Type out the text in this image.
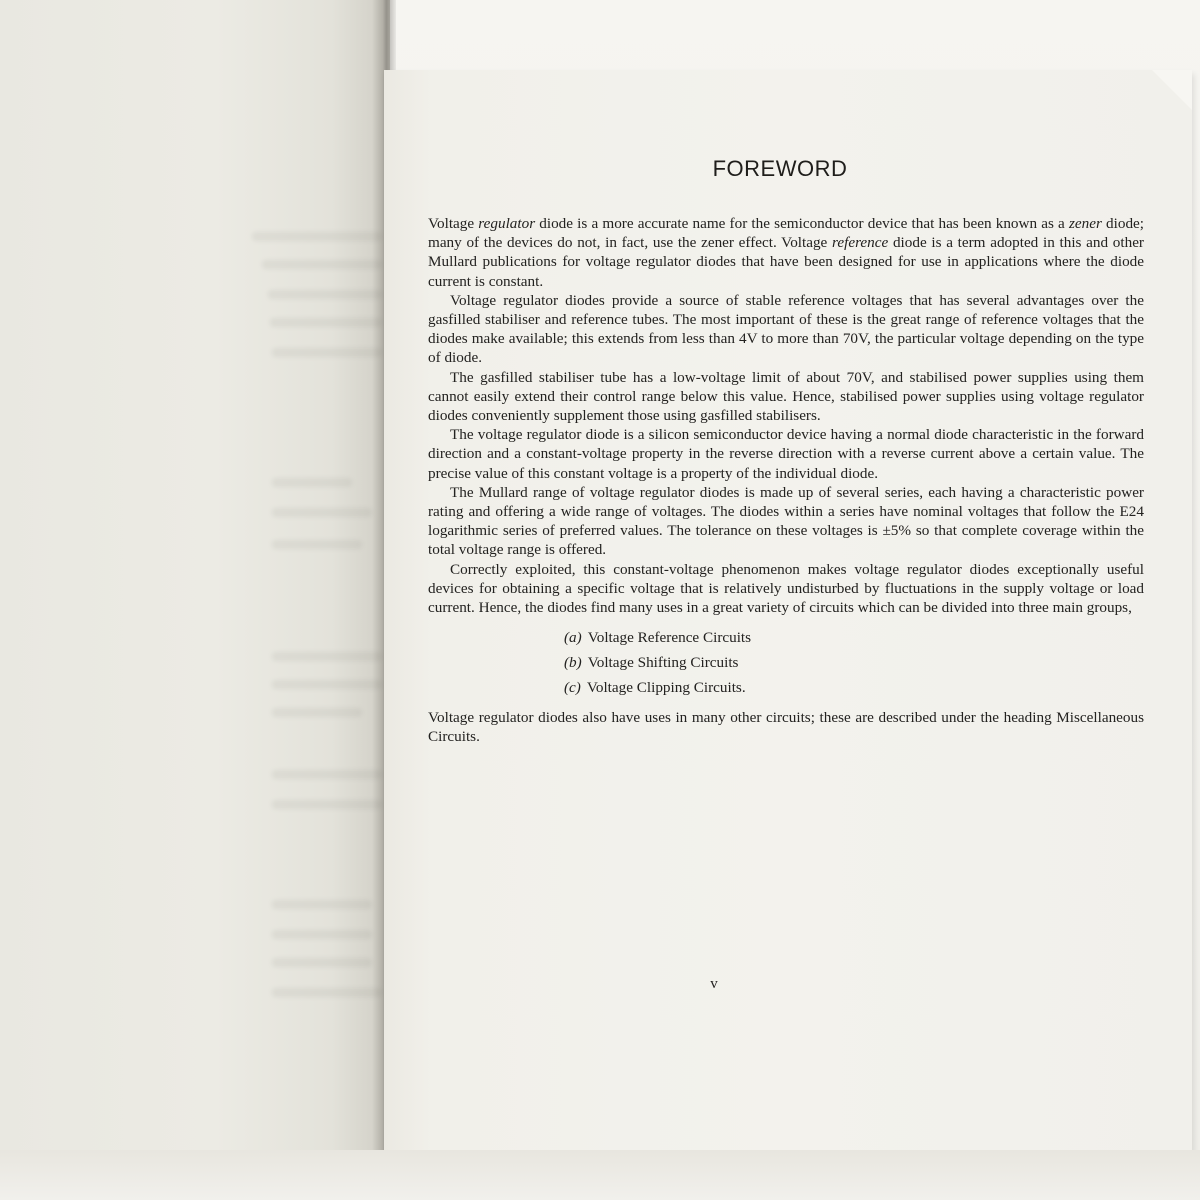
FOREWORD

Voltage regulator diode is a more accurate name for the semiconductor device that has been known as a zener diode; many of the devices do not, in fact, use the zener effect. Voltage reference diode is a term adopted in this and other Mullard publications for voltage regulator diodes that have been designed for use in applications where the diode current is constant.

Voltage regulator diodes provide a source of stable reference voltages that has several advantages over the gasfilled stabiliser and reference tubes. The most important of these is the great range of reference voltages that the diodes make available; this extends from less than 4V to more than 70V, the particular voltage depending on the type of diode.

The gasfilled stabiliser tube has a low-voltage limit of about 70V, and stabilised power supplies using them cannot easily extend their control range below this value. Hence, stabilised power supplies using voltage regulator diodes conveniently supplement those using gasfilled stabilisers.

The voltage regulator diode is a silicon semiconductor device having a normal diode characteristic in the forward direction and a constant-voltage property in the reverse direction with a reverse current above a certain value. The precise value of this constant voltage is a property of the individual diode.

The Mullard range of voltage regulator diodes is made up of several series, each having a characteristic power rating and offering a wide range of voltages. The diodes within a series have nominal voltages that follow the E24 logarithmic series of preferred values. The tolerance on these voltages is ±5% so that complete coverage within the total voltage range is offered.

Correctly exploited, this constant-voltage phenomenon makes voltage regulator diodes exceptionally useful devices for obtaining a specific voltage that is relatively undisturbed by fluctuations in the supply voltage or load current. Hence, the diodes find many uses in a great variety of circuits which can be divided into three main groups,

(a) Voltage Reference Circuits
(b) Voltage Shifting Circuits
(c) Voltage Clipping Circuits.

Voltage regulator diodes also have uses in many other circuits; these are described under the heading Miscellaneous Circuits.

v
